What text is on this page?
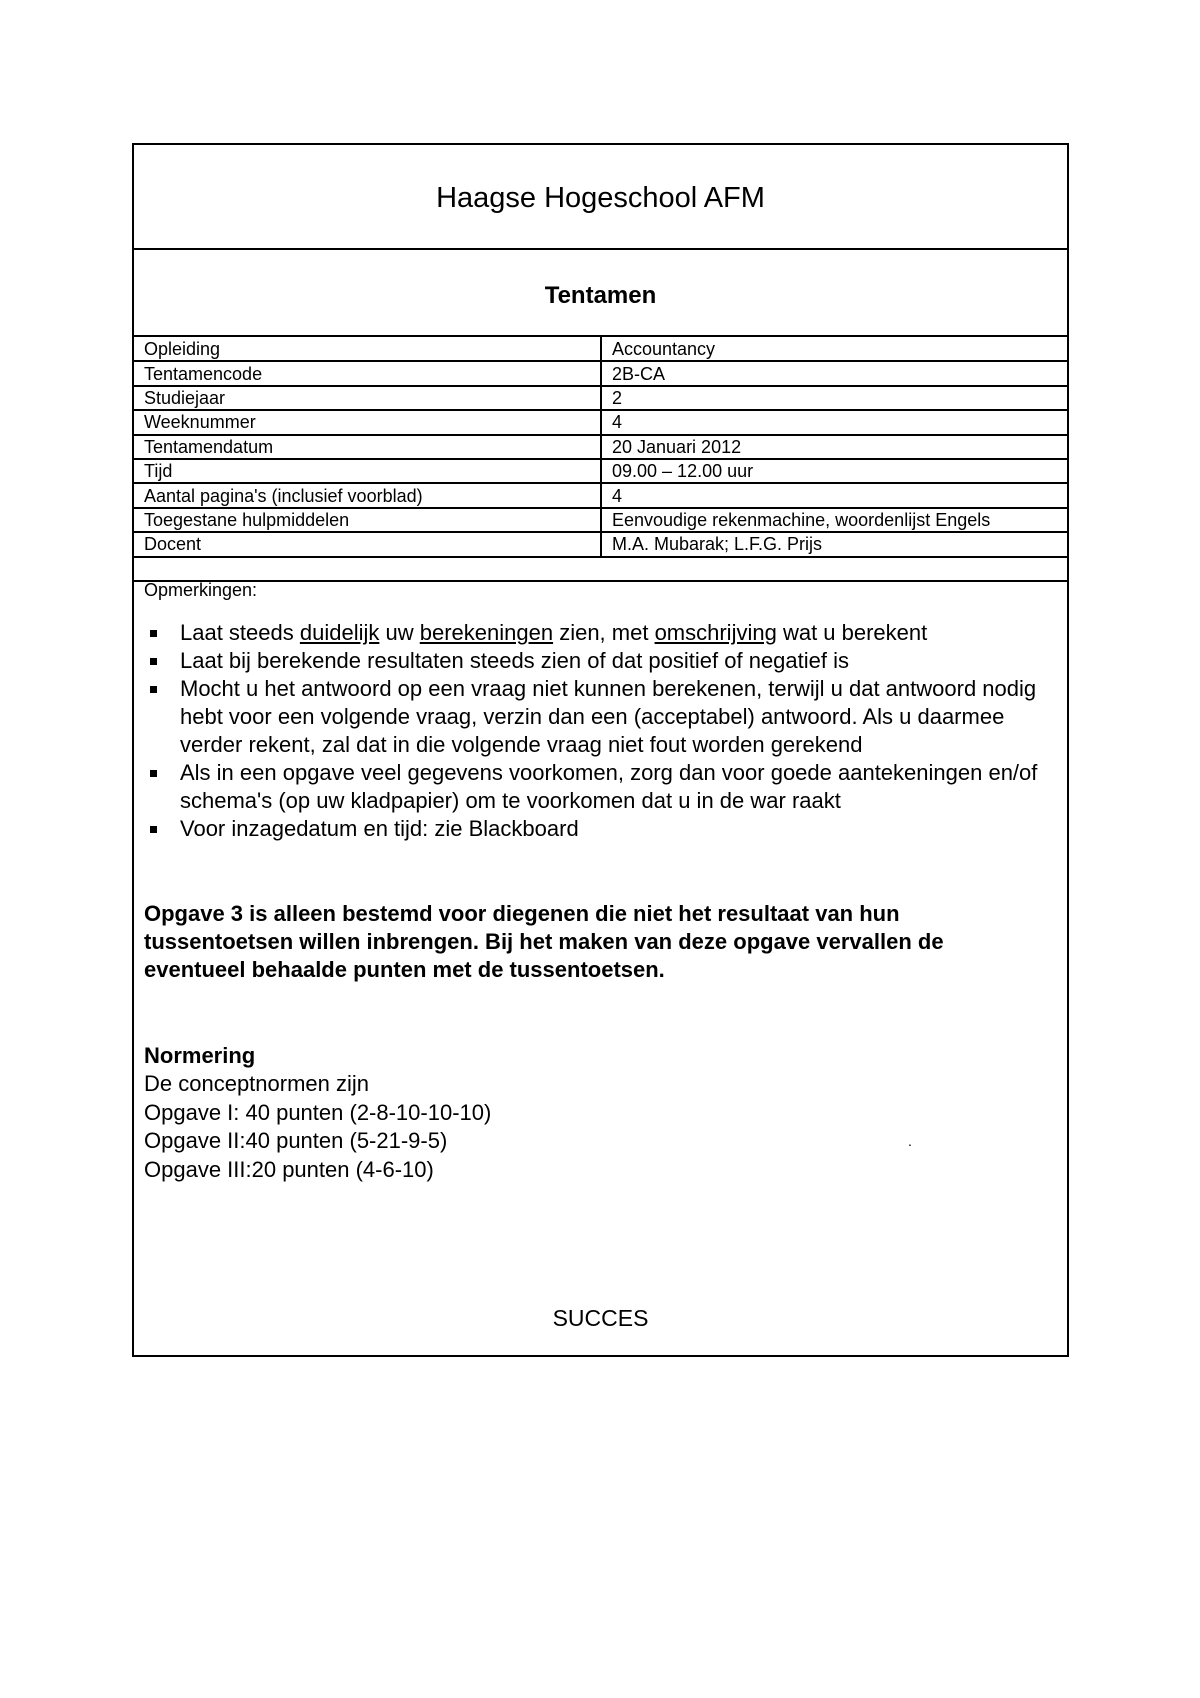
Haagse Hogeschool AFM
Tentamen
Opleiding	Accountancy
Tentamencode	2B-CA
Studiejaar	2
Weeknummer	4
Tentamendatum	20 Januari 2012
Tijd	09.00 – 12.00 uur
Aantal pagina's (inclusief voorblad)	4
Toegestane hulpmiddelen	Eenvoudige rekenmachine, woordenlijst Engels
Docent	M.A. Mubarak; L.F.G. Prijs

Opmerkingen:

Laat steeds duidelijk uw berekeningen zien, met omschrijving wat u berekent
Laat bij berekende resultaten steeds zien of dat positief of negatief is
Mocht u het antwoord op een vraag niet kunnen berekenen, terwijl u dat antwoord nodig hebt voor een volgende vraag, verzin dan een (acceptabel) antwoord. Als u daarmee verder rekent, zal dat in die volgende vraag niet fout worden gerekend
Als in een opgave veel gegevens voorkomen, zorg dan voor goede aantekeningen en/of schema's (op uw kladpapier) om te voorkomen dat u in de war raakt
Voor inzagedatum en tijd: zie Blackboard
Opgave 3 is alleen bestemd voor diegenen die niet het resultaat van hun tussentoetsen willen inbrengen. Bij het maken van deze opgave vervallen de eventueel behaalde punten met de tussentoetsen.
Normering
De conceptnormen zijn
Opgave I: 40 punten (2-8-10-10-10)
Opgave II:40 punten (5-21-9-5)	.
Opgave III:20 punten (4-6-10)
SUCCES
